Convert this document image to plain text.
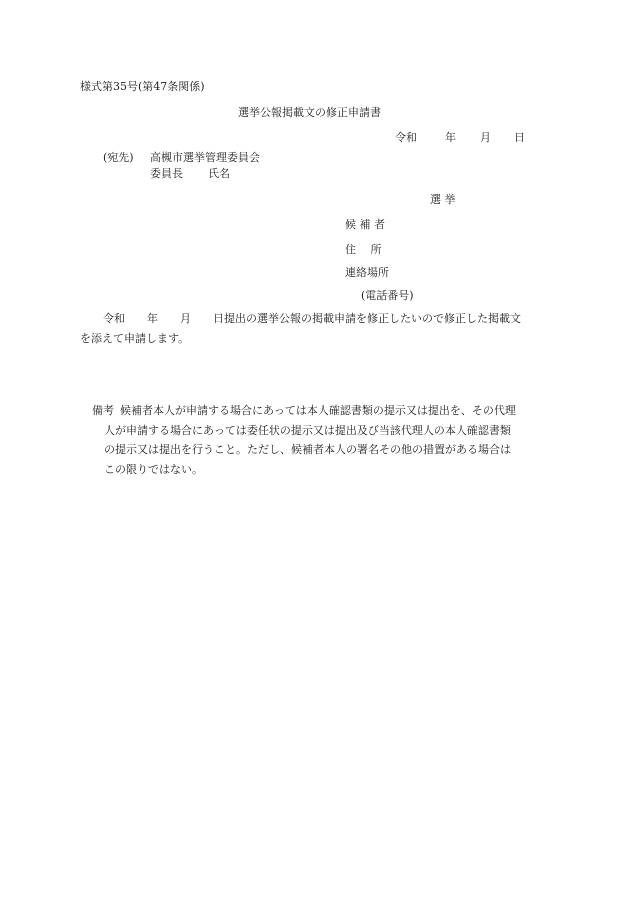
様式第35号(第47条関係)
選挙公報掲載文の修正申請書
令和	年 月 日
(宛先) 高槻市選挙管理委員会
委員長 氏名
選 挙
候 補 者
住　 所
連絡場所
(電話番号)
令和　　年　　月　　日提出の選挙公報の掲載申請を修正したいので修正した掲載文
を添えて申請します。
備考 候補者本人が申請する場合にあっては本人確認書類の提示又は提出を、その代理
人が申請する場合にあっては委任状の提示又は提出及び当該代理人の本人確認書類
の提示又は提出を行うこと。ただし、候補者本人の署名その他の措置がある場合は
この限りではない。
